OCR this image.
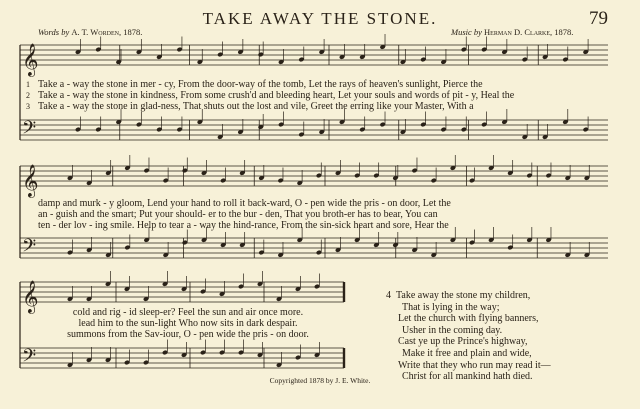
TAKE AWAY THE STONE.	79
Words by A. T. Worden, 1878.	Music by Herman D. Clarke, 1878.
𝄞
𝄢
𝄞
𝄢
𝄞
𝄢
1 Take a - way the stone in mer - cy, From the door-way of the tomb, Let the rays of heaven's sunlight, Pierce the
2 Take a - way the stone in kindness, From some crush'd and bleeding heart, Let your souls and words of pit - y, Heal the
3 Take a - way the stone in glad-ness, That shuts out the lost and vile, Greet the erring like your Master, With a
damp and murk - y gloom, Lend your hand to roll it back-ward, O - pen wide the pris - on door, Let the
an - guish and the smart; Put your should- er to the bur - den, That you broth-er has to bear, You can
ten - der lov - ing smile. Help to tear a - way the hind-rance, From the sin-sick heart and sore, Hear the
cold and rig - id sleep-er? Feel the sun and air once more.
lead him to the sun-light Who now sits in dark despair.
summons from the Sav-iour, O - pen wide the pris - on door.
4 Take away the stone my children,
That is lying in the way;
Let the church with flying banners,
Usher in the coming day.
Cast ye up the Prince's highway,
Make it free and plain and wide,
Write that they who run may read it—
Christ for all mankind hath died.
Copyrighted 1878 by J. E. White.
